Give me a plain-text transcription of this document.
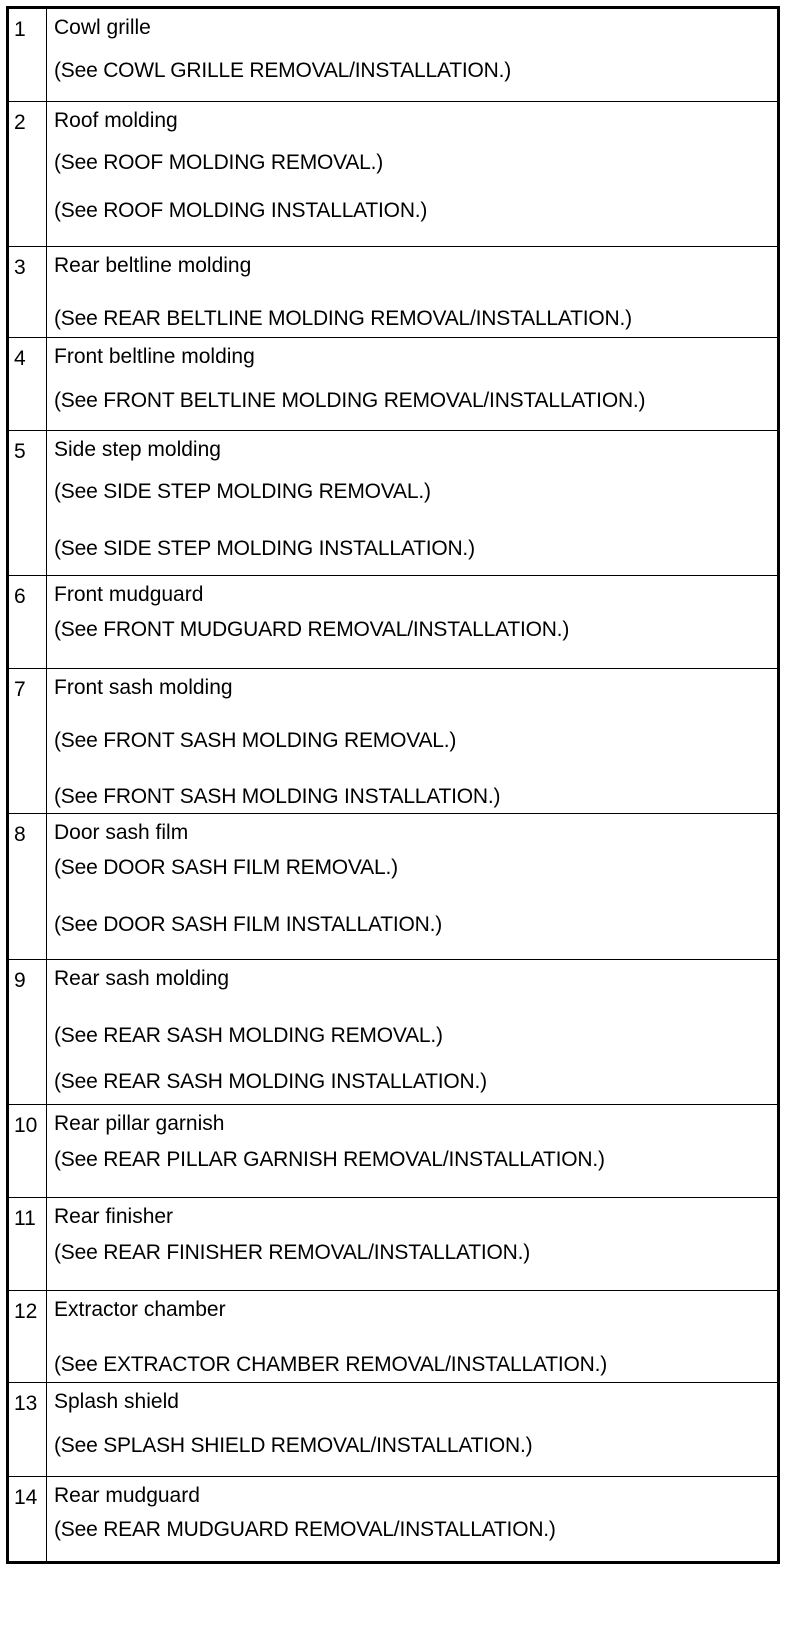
1	Cowl grille
(See COWL GRILLE REMOVAL/INSTALLATION.)
2	Roof molding
(See ROOF MOLDING REMOVAL.)
(See ROOF MOLDING INSTALLATION.)
3	Rear beltline molding
(See REAR BELTLINE MOLDING REMOVAL/INSTALLATION.)
4	Front beltline molding
(See FRONT BELTLINE MOLDING REMOVAL/INSTALLATION.)
5	Side step molding
(See SIDE STEP MOLDING REMOVAL.)
(See SIDE STEP MOLDING INSTALLATION.)
6	Front mudguard
(See FRONT MUDGUARD REMOVAL/INSTALLATION.)
7	Front sash molding
(See FRONT SASH MOLDING REMOVAL.)
(See FRONT SASH MOLDING INSTALLATION.)
8	Door sash film
(See DOOR SASH FILM REMOVAL.)
(See DOOR SASH FILM INSTALLATION.)
9	Rear sash molding
(See REAR SASH MOLDING REMOVAL.)
(See REAR SASH MOLDING INSTALLATION.)
10 Rear pillar garnish
(See REAR PILLAR GARNISH REMOVAL/INSTALLATION.)
11 Rear finisher
(See REAR FINISHER REMOVAL/INSTALLATION.)
12 Extractor chamber
(See EXTRACTOR CHAMBER REMOVAL/INSTALLATION.)
13 Splash shield
(See SPLASH SHIELD REMOVAL/INSTALLATION.)
14 Rear mudguard
(See REAR MUDGUARD REMOVAL/INSTALLATION.)
